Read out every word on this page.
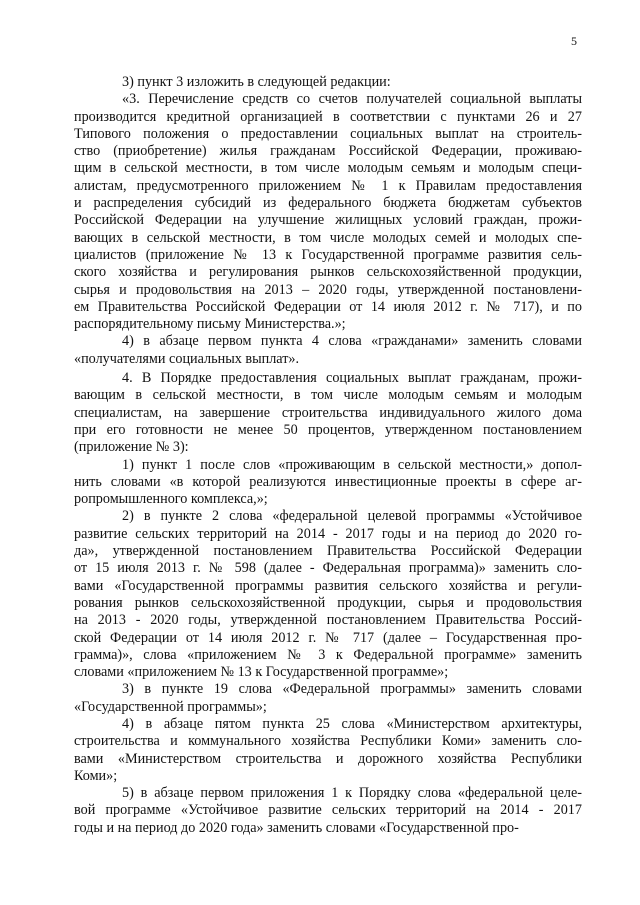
5

3) пункт 3 изложить в следующей редакции:

«3. Перечисление средств со счетов получателей социальной выплаты
производится кредитной организацией в соответствии с пунктами 26 и 27
Типового положения о предоставлении социальных выплат на строитель-
ство (приобретение) жилья гражданам Российской Федерации, проживаю-
щим в сельской местности, в том числе молодым семьям и молодым специ-
алистам, предусмотренного приложением № 1 к Правилам предоставления
и распределения субсидий из федерального бюджета бюджетам субъектов
Российской Федерации на улучшение жилищных условий граждан, прожи-
вающих в сельской местности, в том числе молодых семей и молодых спе-
циалистов (приложение № 13 к Государственной программе развития сель-
ского хозяйства и регулирования рынков сельскохозяйственной продукции,
сырья и продовольствия на 2013 – 2020 годы, утвержденной постановлени-
ем Правительства Российской Федерации от 14 июля 2012 г. № 717), и по
распорядительному письму Министерства.»;

4) в абзаце первом пункта 4 слова «гражданами» заменить словами
«получателями социальных выплат».

4. В Порядке предоставления социальных выплат гражданам, прожи-
вающим в сельской местности, в том числе молодым семьям и молодым
специалистам, на завершение строительства индивидуального жилого дома
при его готовности не менее 50 процентов, утвержденном постановлением
(приложение № 3):

1) пункт 1 после слов «проживающим в сельской местности,» допол-
нить словами «в которой реализуются инвестиционные проекты в сфере аг-
ропромышленного комплекса,»;

2) в пункте 2 слова «федеральной целевой программы «Устойчивое
развитие сельских территорий на 2014 - 2017 годы и на период до 2020 го-
да», утвержденной постановлением Правительства Российской Федерации
от 15 июля 2013 г. № 598 (далее - Федеральная программа)» заменить сло-
вами «Государственной программы развития сельского хозяйства и регули-
рования рынков сельскохозяйственной продукции, сырья и продовольствия
на 2013 - 2020 годы, утвержденной постановлением Правительства Россий-
ской Федерации от 14 июля 2012 г. № 717 (далее – Государственная про-
грамма)», слова «приложением № 3 к Федеральной программе» заменить
словами «приложением № 13 к Государственной программе»;

3) в пункте 19 слова «Федеральной программы» заменить словами
«Государственной программы»;

4) в абзаце пятом пункта 25 слова «Министерством архитектуры,
строительства и коммунального хозяйства Республики Коми» заменить сло-
вами «Министерством строительства и дорожного хозяйства Республики
Коми»;

5) в абзаце первом приложения 1 к Порядку слова «федеральной целе-
вой программе «Устойчивое развитие сельских территорий на 2014 - 2017
годы и на период до 2020 года» заменить словами «Государственной про-
